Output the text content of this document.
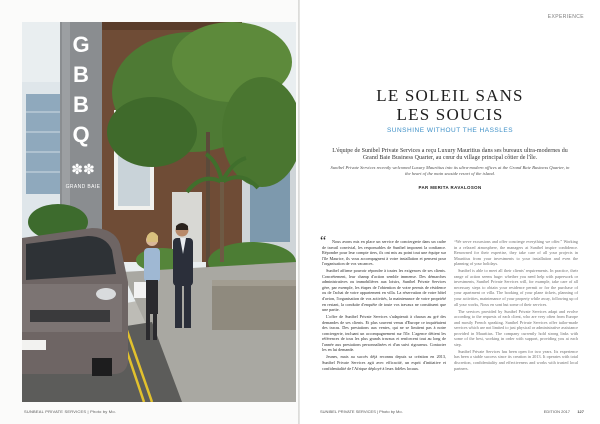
G
B
B
Q
✽✽
GRAND BAIE
SUNBEAL PRIVATE SERVICES | Photo by Mo.
EXPERIENCE
LE SOLEIL SANS
LES SOUCIS
SUNSHINE WITHOUT THE HASSLES
L'équipe de Sunibel Private Services a reçu Luxury Mauritius dans ses bureaux ultra-modernes du Grand Baie Business Quarter, au cœur du village principal côtier de l'île.
Sunibel Private Services recently welcomed Luxury Mauritius into its ultra-modern offices at the Grand Baie Business Quarter, in the heart of the main seaside resort of the island.
PAR MERITA RAVALOSON
“	Nous avons mis en place un service de conciergerie dans un cadre de travail convivial, les responsables de Sunibel imposent la confiance. Répondre pour leur compte tiers, ils ont mis au point tout une équipe sur l'île Maurice, ils vous accompagnent à votre installation et pensent pour l'organisation de vos vacances.

Sunibel affirme pouvoir répondre à toutes les exigences de ses clients. Concrètement, leur champ d'action semble immense. Des démarches administratives ou immobilières aux loisirs, Sunibel Private Services gère, par exemple, les étapes de l'obtention de votre permis de résidence ou de l'achat de votre appartement en villa. La réservation de votre hôtel d'avion, l'organisation de vos activités, la maintenance de votre propriété en restant, la conduite d'enquête de toute vos travaux ne constituent que une partie.

L'offre de Sunibel Private Services s'adapterait à chacun au gré des demandes de ses clients. Et plus souvent venus d'Europe ce inquiétaient des tracas. Des prestations aux ventes, qui ne se limitent pas à notre conciergerie, incluant un accompagnement sur l'île. L'agence détient les références de tous les plus grands travaux et renforcent tout au long de l'année aux prestations personnalisées et d'un suivi rigoureux. Contacter les en lui demande.

Jeunes, mais au succès déjà reconnu depuis sa création en 2013, Sunibel Private Services agit avec efficacité, un esprit d'initiative et confidentialité de l'Afrique déployé à leurs fidèles locaux.

“We serve excursions and offer concierge everything we offer.” Working in a relaxed atmosphere, the managers at Sunibel inspire confidence. Renowned for their expertise, they take care of all your projects in Mauritius from your investments to your installation and even the planning of your holidays.

Sunibel is able to meet all their clients' requirements. In practice, their range of action seems huge: whether you need help with paperwork or investments, Sunibel Private Services will, for example, take care of all necessary steps to obtain your residence permit or for the purchase of your apartment or villa. The booking of your plane tickets, planning of your activities, maintenance of your property while away, following up of all your works, Nous en sont but some of their services.

The services provided by Sunibel Private Services adapt and evolve according to the requests of each client, who are very often from Europe and mostly French speaking. Sunibel Private Services offer tailor-made services which are not limited to just physical or administrative assistance provided in Mauritius. The company currently hold strong links with some of the best, working in order with support, providing you at each step.

Sunibel Private Services has been open for two years. Its experience has been a stable success since its creation in 2013. It operates with total discretion, confidentiality and effectiveness and works with trusted local partners.

SUNIBEL PRIVATE SERVICES | Photo by Mo.	EDITION 2017 127
